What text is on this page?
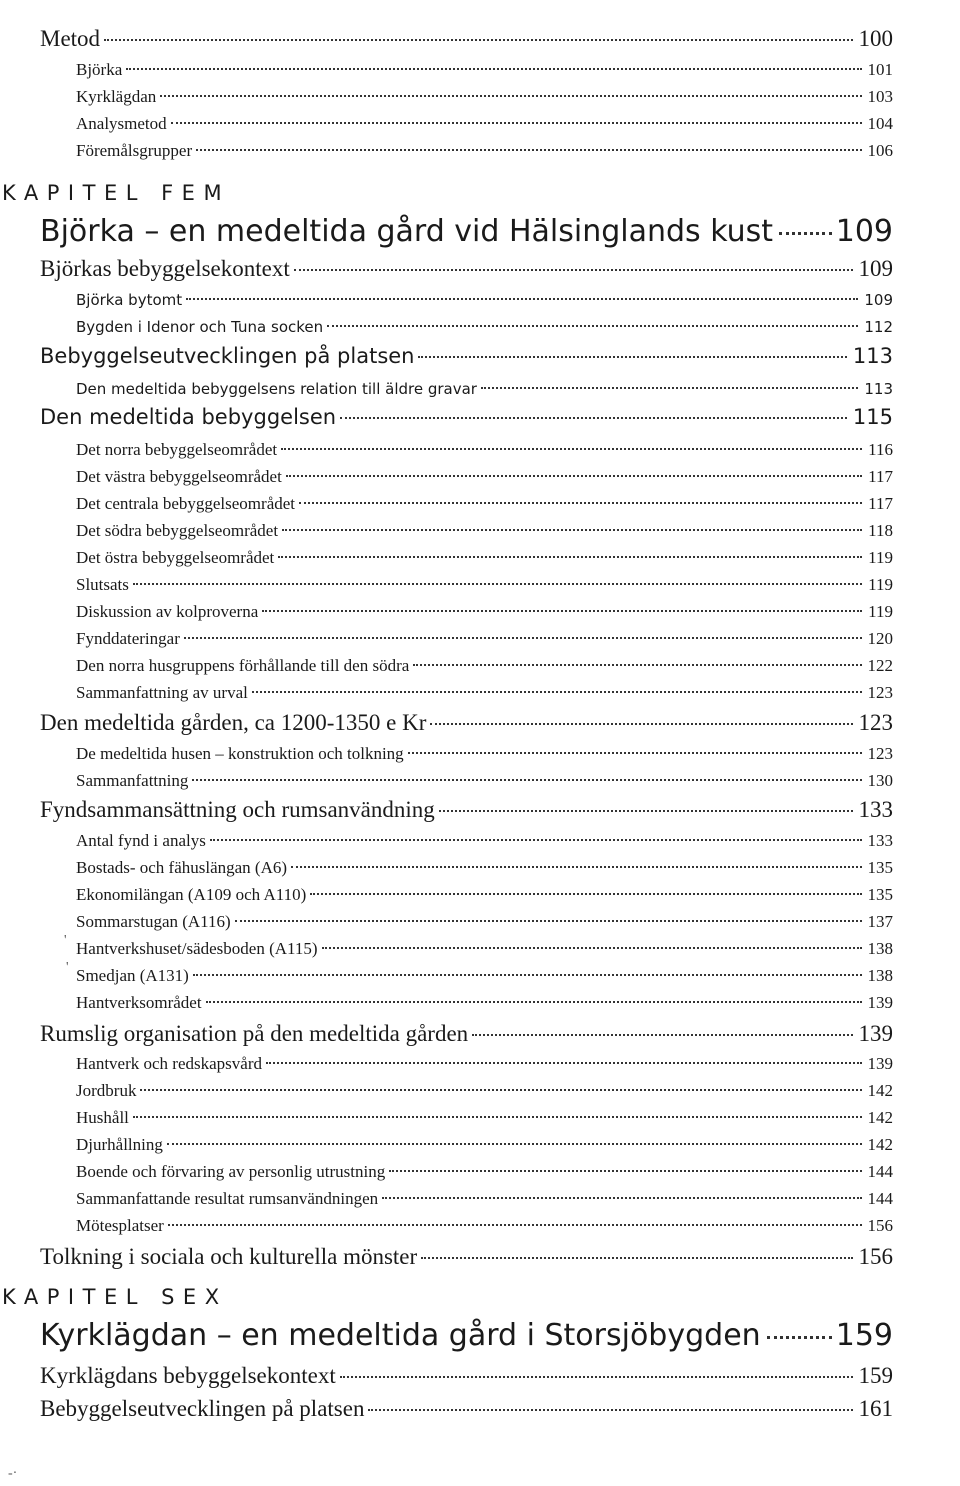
Metod	100
Björka	101
Kyrklägdan	103
Analysmetod	104
Föremålsgrupper	106
KAPITEL FEM
Björka – en medeltida gård vid Hälsinglands kust 109
Björkas bebyggelsekontext	109
Björka bytomt	109
Bygden i Idenor och Tuna socken	112
Bebyggelseutvecklingen på platsen	113
Den medeltida bebyggelsens relation till äldre gravar	113
Den medeltida bebyggelsen	115
Det norra bebyggelseområdet	116
Det västra bebyggelseområdet	117
Det centrala bebyggelseområdet	117
Det södra bebyggelseområdet	118
Det östra bebyggelseområdet	119
Slutsats	119
Diskussion av kolproverna	119
Fynddateringar	120
Den norra husgruppens förhållande till den södra	122
Sammanfattning av urval	123
Den medeltida gården, ca 1200-1350 e Kr	123
De medeltida husen – konstruktion och tolkning	123
Sammanfattning	130
Fyndsammansättning och rumsanvändning	133
Antal fynd i analys	133
Bostads- och fähuslängan (A6)	135
Ekonomilängan (A109 och A110)	135
Sommarstugan (A116)	137
Hantverkshuset/sädesboden (A115)	138
Smedjan (A131)	138
Hantverksområdet	139
'
'
Rumslig organisation på den medeltida gården	139
Hantverk och redskapsvård	139
Jordbruk	142
Hushåll	142
Djurhållning	142
Boende och förvaring av personlig utrustning	144
Sammanfattande resultat rumsanvändningen	144
Mötesplatser	156
Tolkning i sociala och kulturella mönster	156
KAPITEL SEX
Kyrklägdan – en medeltida gård i Storsjöbygden	159
Kyrklägdans bebyggelsekontext	159
Bebyggelseutvecklingen på platsen	161
-·
